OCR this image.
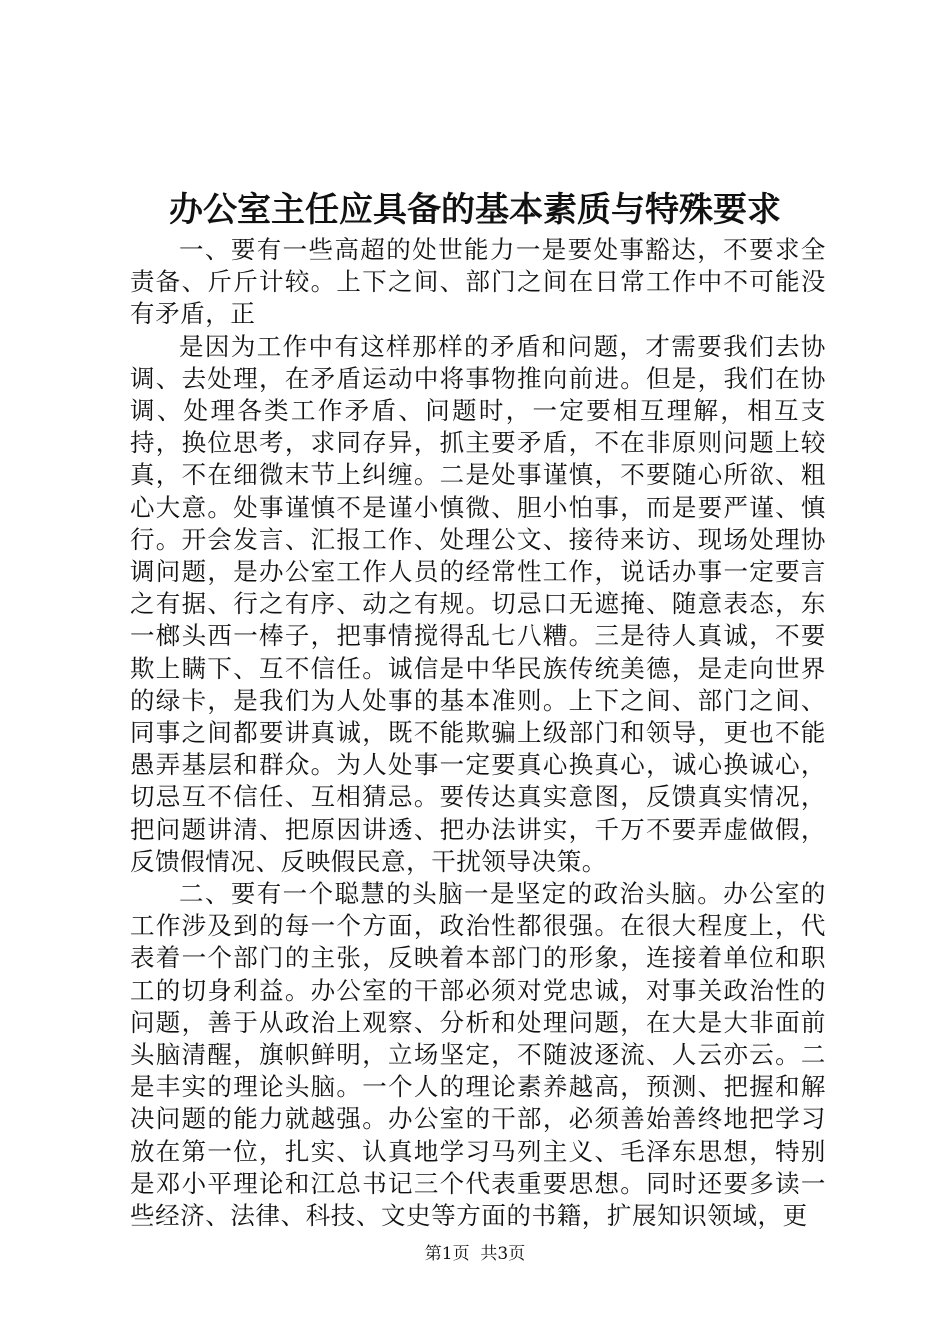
办公室主任应具备的基本素质与特殊要求

一、要有一些高超的处世能力一是要处事豁达，不要求全责备、斤斤计较。上下之间、部门之间在日常工作中不可能没有矛盾，正

是因为工作中有这样那样的矛盾和问题，才需要我们去协调、去处理，在矛盾运动中将事物推向前进。但是，我们在协调、处理各类工作矛盾、问题时，一定要相互理解，相互支持，换位思考，求同存异，抓主要矛盾，不在非原则问题上较真，不在细微末节上纠缠。二是处事谨慎，不要随心所欲、粗心大意。处事谨慎不是谨小慎微、胆小怕事，而是要严谨、慎行。开会发言、汇报工作、处理公文、接待来访、现场处理协调问题，是办公室工作人员的经常性工作，说话办事一定要言之有据、行之有序、动之有规。切忌口无遮掩、随意表态，东一榔头西一棒子，把事情搅得乱七八糟。三是待人真诚，不要欺上瞒下、互不信任。诚信是中华民族传统美德，是走向世界的绿卡，是我们为人处事的基本准则。上下之间、部门之间、同事之间都要讲真诚，既不能欺骗上级部门和领导，更也不能愚弄基层和群众。为人处事一定要真心换真心，诚心换诚心，切忌互不信任、互相猜忌。要传达真实意图，反馈真实情况，把问题讲清、把原因讲透、把办法讲实，千万不要弄虚做假，反馈假情况、反映假民意，干扰领导决策。

二、要有一个聪慧的头脑一是坚定的政治头脑。办公室的工作涉及到的每一个方面，政治性都很强。在很大程度上，代表着一个部门的主张，反映着本部门的形象，连接着单位和职工的切身利益。办公室的干部必须对党忠诚，对事关政治性的问题，善于从政治上观察、分析和处理问题，在大是大非面前头脑清醒，旗帜鲜明，立场坚定，不随波逐流、人云亦云。二是丰实的理论头脑。一个人的理论素养越高，预测、把握和解决问题的能力就越强。办公室的干部，必须善始善终地把学习放在第一位，扎实、认真地学习马列主义、毛泽东思想，特别是邓小平理论和江总书记三个代表重要思想。同时还要多读一些经济、法律、科技、文史等方面的书籍，扩展知识领域，更

第1页 共3页
